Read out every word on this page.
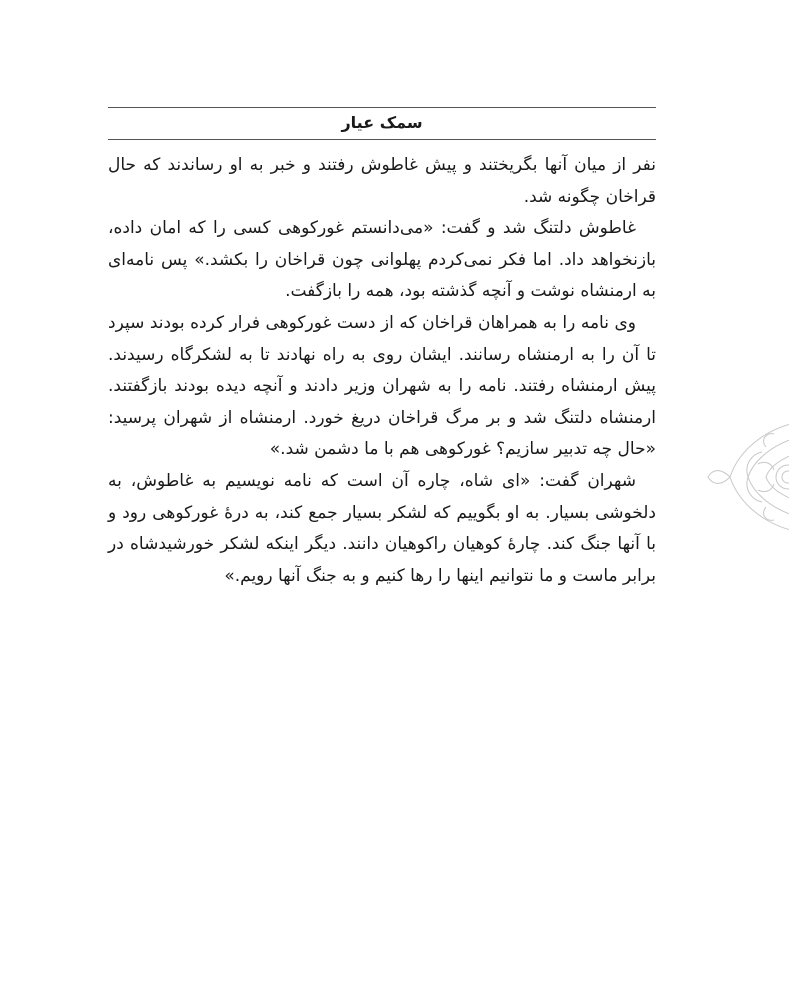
سمک عیار

نفر از میان آنها بگریختند و پیش غاطوش رفتند و خبر به او رساندند که حال قراخان چگونه شد.

غاطوش دلتنگ شد و گفت: «می‌دانستم غورکوهی کسی را که امان داده، بازنخواهد داد. اما فکر نمی‌کردم پهلوانی چون قراخان را بکشد.» پس نامه‌ای به ارمنشاه نوشت و آنچه گذشته بود، همه را بازگفت.

وی نامه را به همراهان قراخان که از دست غورکوهی فرار کرده بودند سپرد تا آن را به ارمنشاه رسانند. ایشان روی به راه نهادند تا به لشکرگاه رسیدند. پیش ارمنشاه رفتند. نامه را به شهران وزیر دادند و آنچه دیده بودند بازگفتند. ارمنشاه دلتنگ شد و بر مرگ قراخان دریغ خورد. ارمنشاه از شهران پرسید: «حال چه تدبیر سازیم؟ غورکوهی هم با ما دشمن شد.»

شهران گفت: «ای شاه، چاره آن است که نامه نویسیم به غاطوش، به دلخوشی بسیار. به او بگوییم که لشکر بسیار جمع کند، به درهٔ غورکوهی رود و با آنها جنگ کند. چارهٔ کوهیان راکوهیان دانند. دیگر اینکه لشکر خورشیدشاه در برابر ماست و ما نتوانیم اینها را رها کنیم و به جنگ آنها رویم.»
